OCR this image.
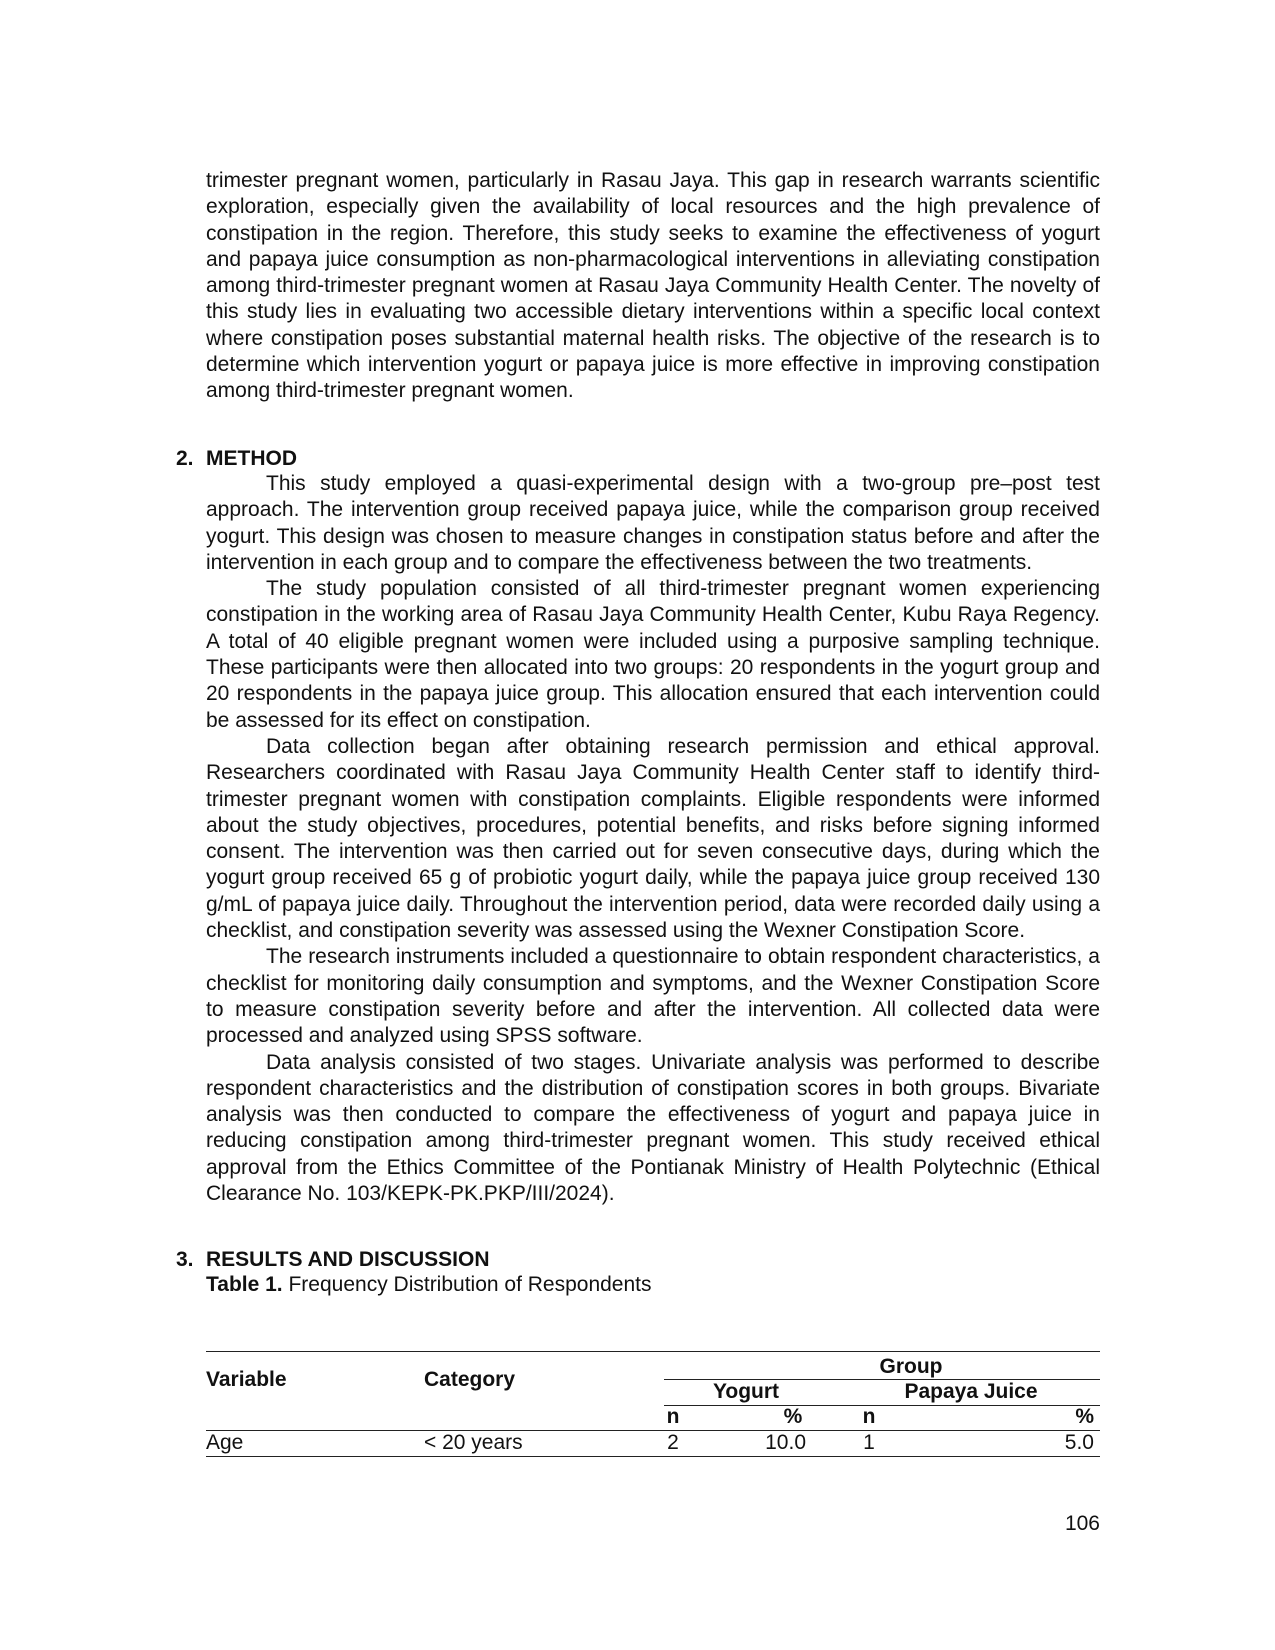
trimester pregnant women, particularly in Rasau Jaya. This gap in research warrants scientific exploration, especially given the availability of local resources and the high prevalence of constipation in the region. Therefore, this study seeks to examine the effectiveness of yogurt and papaya juice consumption as non-pharmacological interventions in alleviating constipation among third-trimester pregnant women at Rasau Jaya Community Health Center. The novelty of this study lies in evaluating two accessible dietary interventions within a specific local context where constipation poses substantial maternal health risks. The objective of the research is to determine which intervention yogurt or papaya juice is more effective in improving constipation among third-trimester pregnant women.

2. METHOD

This study employed a quasi-experimental design with a two-group pre–post test approach. The intervention group received papaya juice, while the comparison group received yogurt. This design was chosen to measure changes in constipation status before and after the intervention in each group and to compare the effectiveness between the two treatments.

The study population consisted of all third-trimester pregnant women experiencing constipation in the working area of Rasau Jaya Community Health Center, Kubu Raya Regency. A total of 40 eligible pregnant women were included using a purposive sampling technique. These participants were then allocated into two groups: 20 respondents in the yogurt group and 20 respondents in the papaya juice group. This allocation ensured that each intervention could be assessed for its effect on constipation.

Data collection began after obtaining research permission and ethical approval. Researchers coordinated with Rasau Jaya Community Health Center staff to identify third-trimester pregnant women with constipation complaints. Eligible respondents were informed about the study objectives, procedures, potential benefits, and risks before signing informed consent. The intervention was then carried out for seven consecutive days, during which the yogurt group received 65 g of probiotic yogurt daily, while the papaya juice group received 130 g/mL of papaya juice daily. Throughout the intervention period, data were recorded daily using a checklist, and constipation severity was assessed using the Wexner Constipation Score.

The research instruments included a questionnaire to obtain respondent characteristics, a checklist for monitoring daily consumption and symptoms, and the Wexner Constipation Score to measure constipation severity before and after the intervention. All collected data were processed and analyzed using SPSS software.

Data analysis consisted of two stages. Univariate analysis was performed to describe respondent characteristics and the distribution of constipation scores in both groups. Bivariate analysis was then conducted to compare the effectiveness of yogurt and papaya juice in reducing constipation among third-trimester pregnant women. This study received ethical approval from the Ethics Committee of the Pontianak Ministry of Health Polytechnic (Ethical Clearance No. 103/KEPK-PK.PKP/III/2024).

3. RESULTS AND DISCUSSION
Table 1. Frequency Distribution of Respondents
Group
Variable	Category
Yogurt	Papaya Juice
n	%	n	%
Age	< 20 years	2	10.0	1	5.0
106
